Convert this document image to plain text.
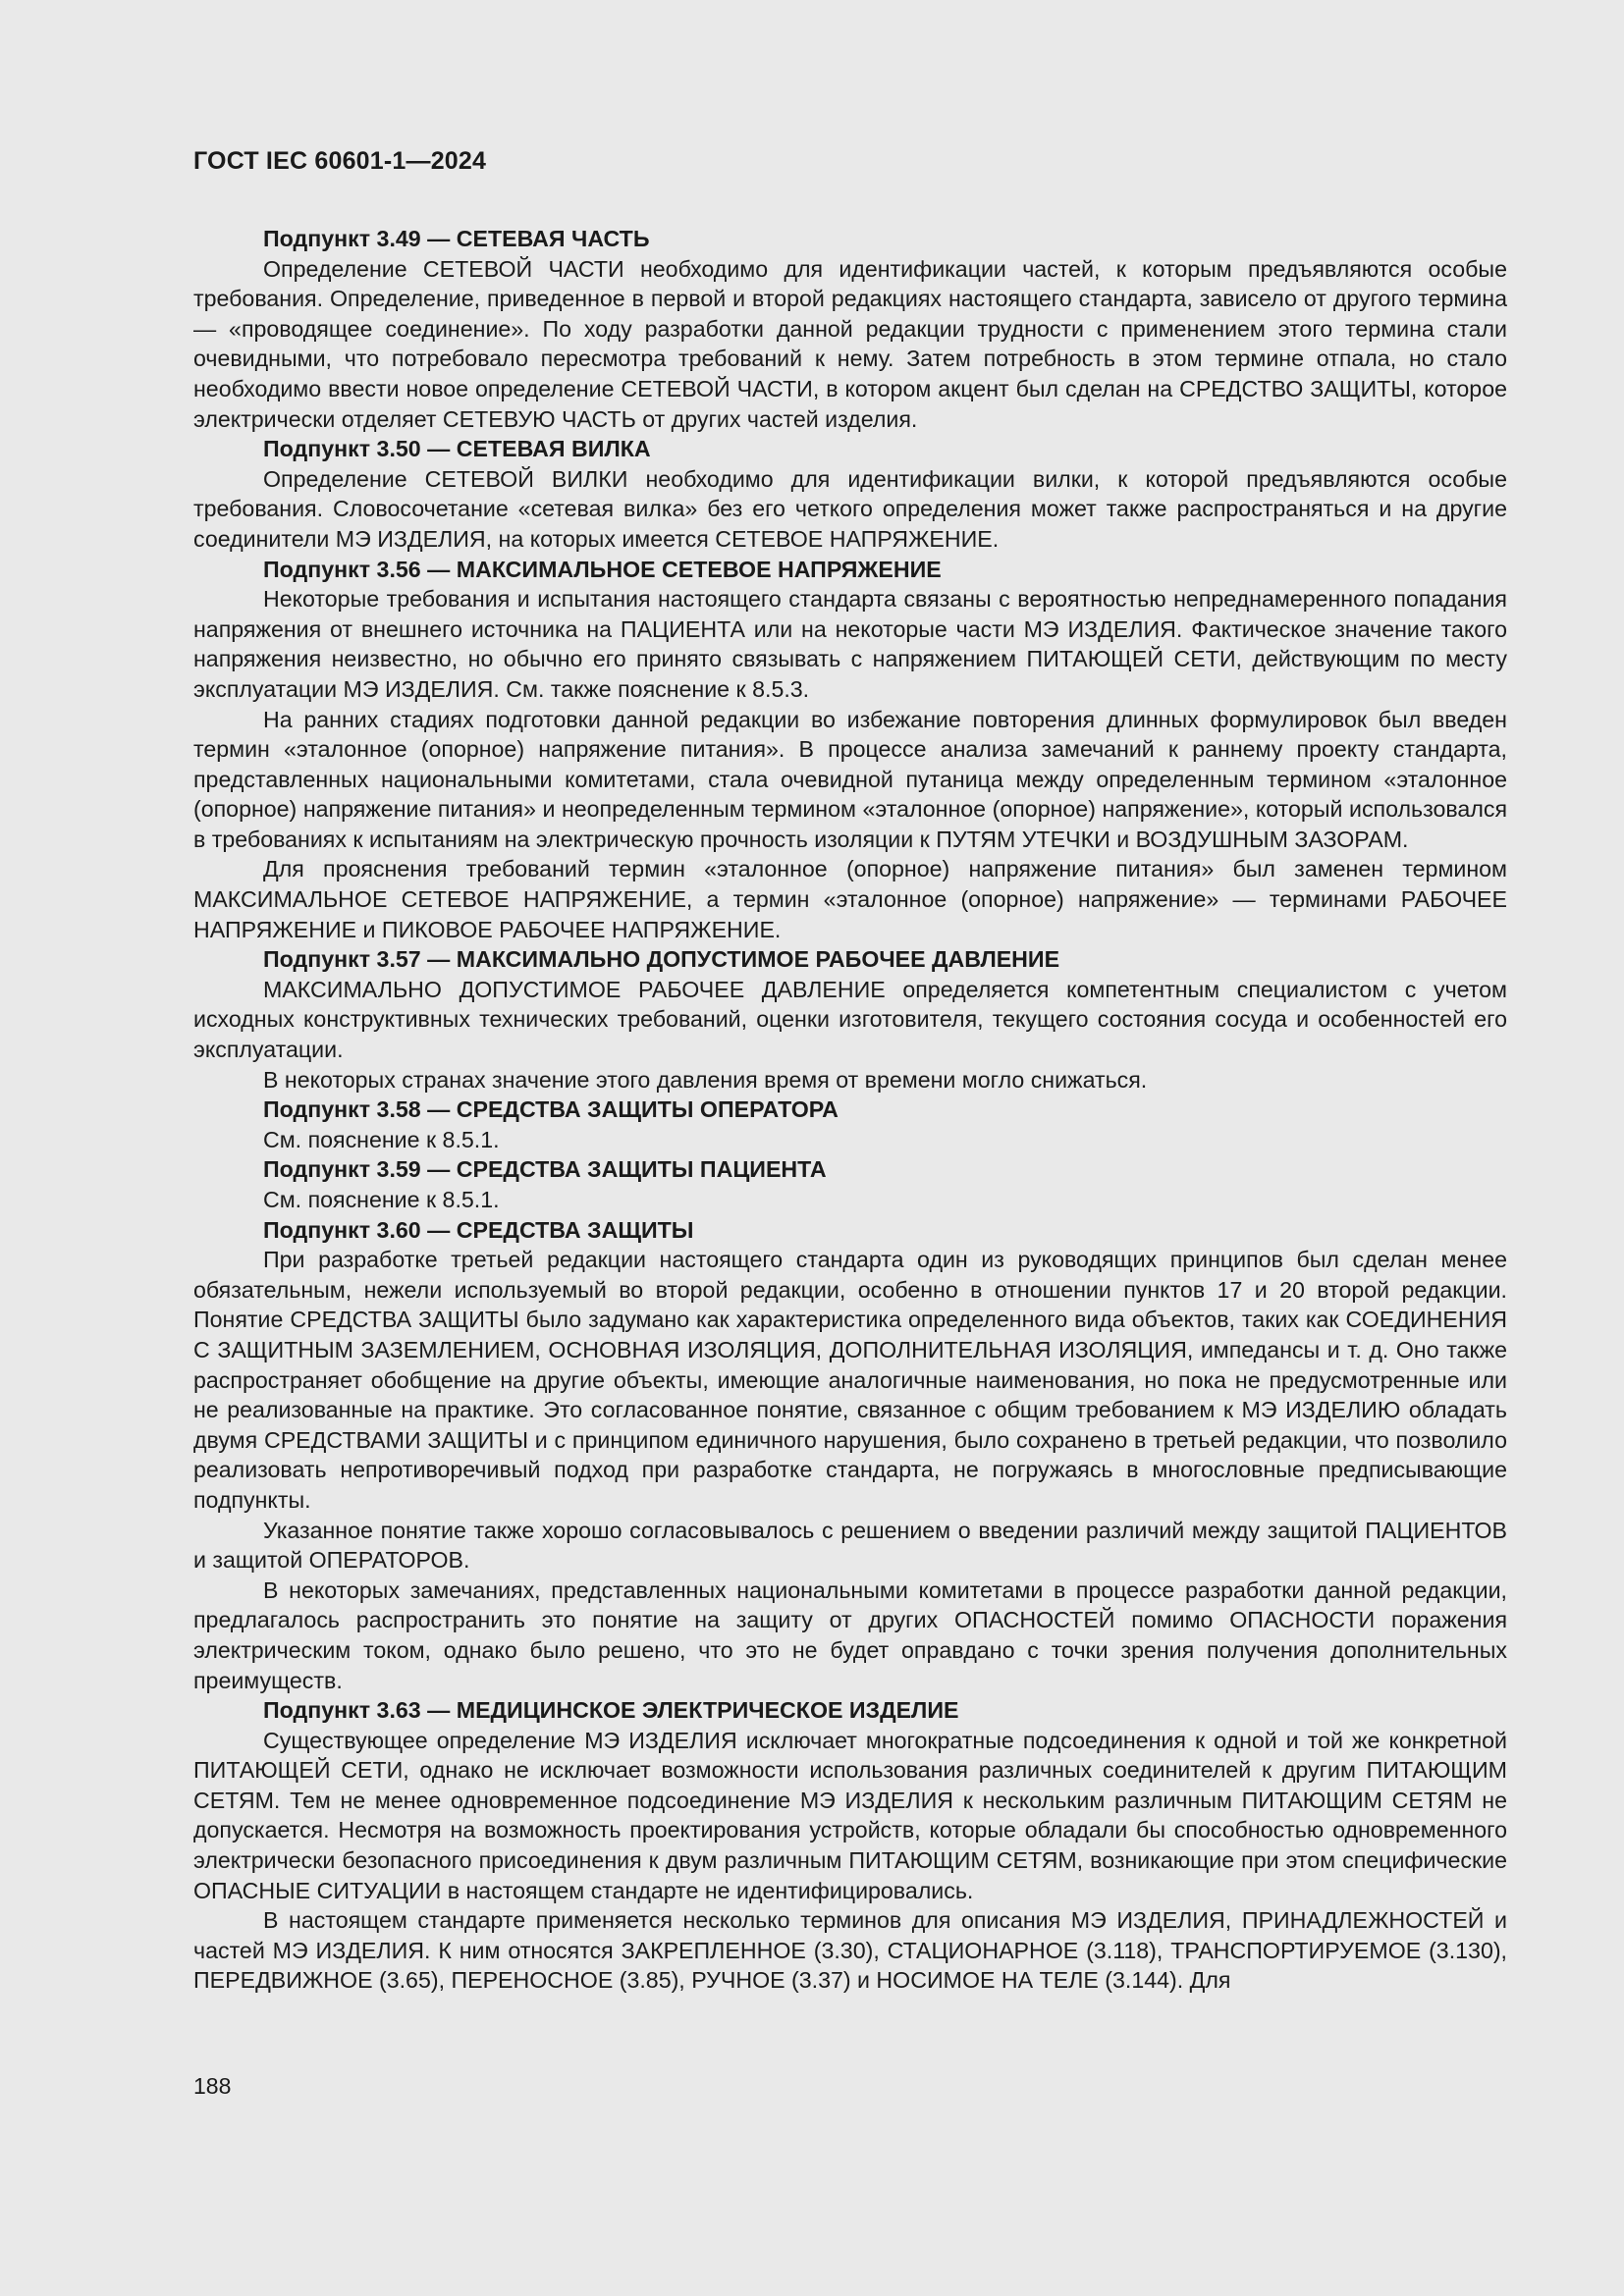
ГОСТ IEC 60601-1—2024

Подпункт 3.49 — СЕТЕВАЯ ЧАСТЬ

Определение СЕТЕВОЙ ЧАСТИ необходимо для идентификации частей, к которым предъявляются особые требования. Определение, приведенное в первой и второй редакциях настоящего стандарта, зависело от другого термина — «проводящее соединение». По ходу разработки данной редакции трудности с применением этого термина стали очевидными, что потребовало пересмотра требований к нему. Затем потребность в этом термине отпала, но стало необходимо ввести новое определение СЕТЕВОЙ ЧАСТИ, в котором акцент был сделан на СРЕДСТВО ЗАЩИТЫ, которое электрически отделяет СЕТЕВУЮ ЧАСТЬ от других частей изделия.

Подпункт 3.50 — СЕТЕВАЯ ВИЛКА

Определение СЕТЕВОЙ ВИЛКИ необходимо для идентификации вилки, к которой предъявляются особые требования. Словосочетание «сетевая вилка» без его четкого определения может также распространяться и на другие соединители МЭ ИЗДЕЛИЯ, на которых имеется СЕТЕВОЕ НАПРЯЖЕНИЕ.

Подпункт 3.56 — МАКСИМАЛЬНОЕ СЕТЕВОЕ НАПРЯЖЕНИЕ

Некоторые требования и испытания настоящего стандарта связаны с вероятностью непреднамеренного попадания напряжения от внешнего источника на ПАЦИЕНТА или на некоторые части МЭ ИЗДЕЛИЯ. Фактическое значение такого напряжения неизвестно, но обычно его принято связывать с напряжением ПИТАЮЩЕЙ СЕТИ, действующим по месту эксплуатации МЭ ИЗДЕЛИЯ. См. также пояснение к 8.5.3.

На ранних стадиях подготовки данной редакции во избежание повторения длинных формулировок был введен термин «эталонное (опорное) напряжение питания». В процессе анализа замечаний к раннему проекту стандарта, представленных национальными комитетами, стала очевидной путаница между определенным термином «эталонное (опорное) напряжение питания» и неопределенным термином «эталонное (опорное) напряжение», который использовался в требованиях к испытаниям на электрическую прочность изоляции к ПУТЯМ УТЕЧКИ и ВОЗДУШНЫМ ЗАЗОРАМ.

Для прояснения требований термин «эталонное (опорное) напряжение питания» был заменен термином МАКСИМАЛЬНОЕ СЕТЕВОЕ НАПРЯЖЕНИЕ, а термин «эталонное (опорное) напряжение» — терминами РАБОЧЕЕ НАПРЯЖЕНИЕ и ПИКОВОЕ РАБОЧЕЕ НАПРЯЖЕНИЕ.

Подпункт 3.57 — МАКСИМАЛЬНО ДОПУСТИМОЕ РАБОЧЕЕ ДАВЛЕНИЕ

МАКСИМАЛЬНО ДОПУСТИМОЕ РАБОЧЕЕ ДАВЛЕНИЕ определяется компетентным специалистом с учетом исходных конструктивных технических требований, оценки изготовителя, текущего состояния сосуда и особенностей его эксплуатации.

В некоторых странах значение этого давления время от времени могло снижаться.

Подпункт 3.58 — СРЕДСТВА ЗАЩИТЫ ОПЕРАТОРА

См. пояснение к 8.5.1.

Подпункт 3.59 — СРЕДСТВА ЗАЩИТЫ ПАЦИЕНТА

См. пояснение к 8.5.1.

Подпункт 3.60 — СРЕДСТВА ЗАЩИТЫ

При разработке третьей редакции настоящего стандарта один из руководящих принципов был сделан менее обязательным, нежели используемый во второй редакции, особенно в отношении пунктов 17 и 20 второй редакции. Понятие СРЕДСТВА ЗАЩИТЫ было задумано как характеристика определенного вида объектов, таких как СОЕДИНЕНИЯ С ЗАЩИТНЫМ ЗАЗЕМЛЕНИЕМ, ОСНОВНАЯ ИЗОЛЯЦИЯ, ДОПОЛНИТЕЛЬНАЯ ИЗОЛЯЦИЯ, импедансы и т. д. Оно также распространяет обобщение на другие объекты, имеющие аналогичные наименования, но пока не предусмотренные или не реализованные на практике. Это согласованное понятие, связанное с общим требованием к МЭ ИЗДЕЛИЮ обладать двумя СРЕДСТВАМИ ЗАЩИТЫ и с принципом единичного нарушения, было сохранено в третьей редакции, что позволило реализовать непротиворечивый подход при разработке стандарта, не погружаясь в многословные предписывающие подпункты.

Указанное понятие также хорошо согласовывалось с решением о введении различий между защитой ПАЦИЕНТОВ и защитой ОПЕРАТОРОВ.

В некоторых замечаниях, представленных национальными комитетами в процессе разработки данной редакции, предлагалось распространить это понятие на защиту от других ОПАСНОСТЕЙ помимо ОПАСНОСТИ поражения электрическим током, однако было решено, что это не будет оправдано с точки зрения получения дополнительных преимуществ.

Подпункт 3.63 — МЕДИЦИНСКОЕ ЭЛЕКТРИЧЕСКОЕ ИЗДЕЛИЕ

Существующее определение МЭ ИЗДЕЛИЯ исключает многократные подсоединения к одной и той же конкретной ПИТАЮЩЕЙ СЕТИ, однако не исключает возможности использования различных соединителей к другим ПИТАЮЩИМ СЕТЯМ. Тем не менее одновременное подсоединение МЭ ИЗДЕЛИЯ к нескольким различным ПИТАЮЩИМ СЕТЯМ не допускается. Несмотря на возможность проектирования устройств, которые обладали бы способностью одновременного электрически безопасного присоединения к двум различным ПИТАЮЩИМ СЕТЯМ, возникающие при этом специфические ОПАСНЫЕ СИТУАЦИИ в настоящем стандарте не идентифицировались.

В настоящем стандарте применяется несколько терминов для описания МЭ ИЗДЕЛИЯ, ПРИНАДЛЕЖНОСТЕЙ и частей МЭ ИЗДЕЛИЯ. К ним относятся ЗАКРЕПЛЕННОЕ (3.30), СТАЦИОНАРНОЕ (3.118), ТРАНСПОРТИРУЕМОЕ (3.130), ПЕРЕДВИЖНОЕ (3.65), ПЕРЕНОСНОЕ (3.85), РУЧНОЕ (3.37) и НОСИМОЕ НА ТЕЛЕ (3.144). Для

188
